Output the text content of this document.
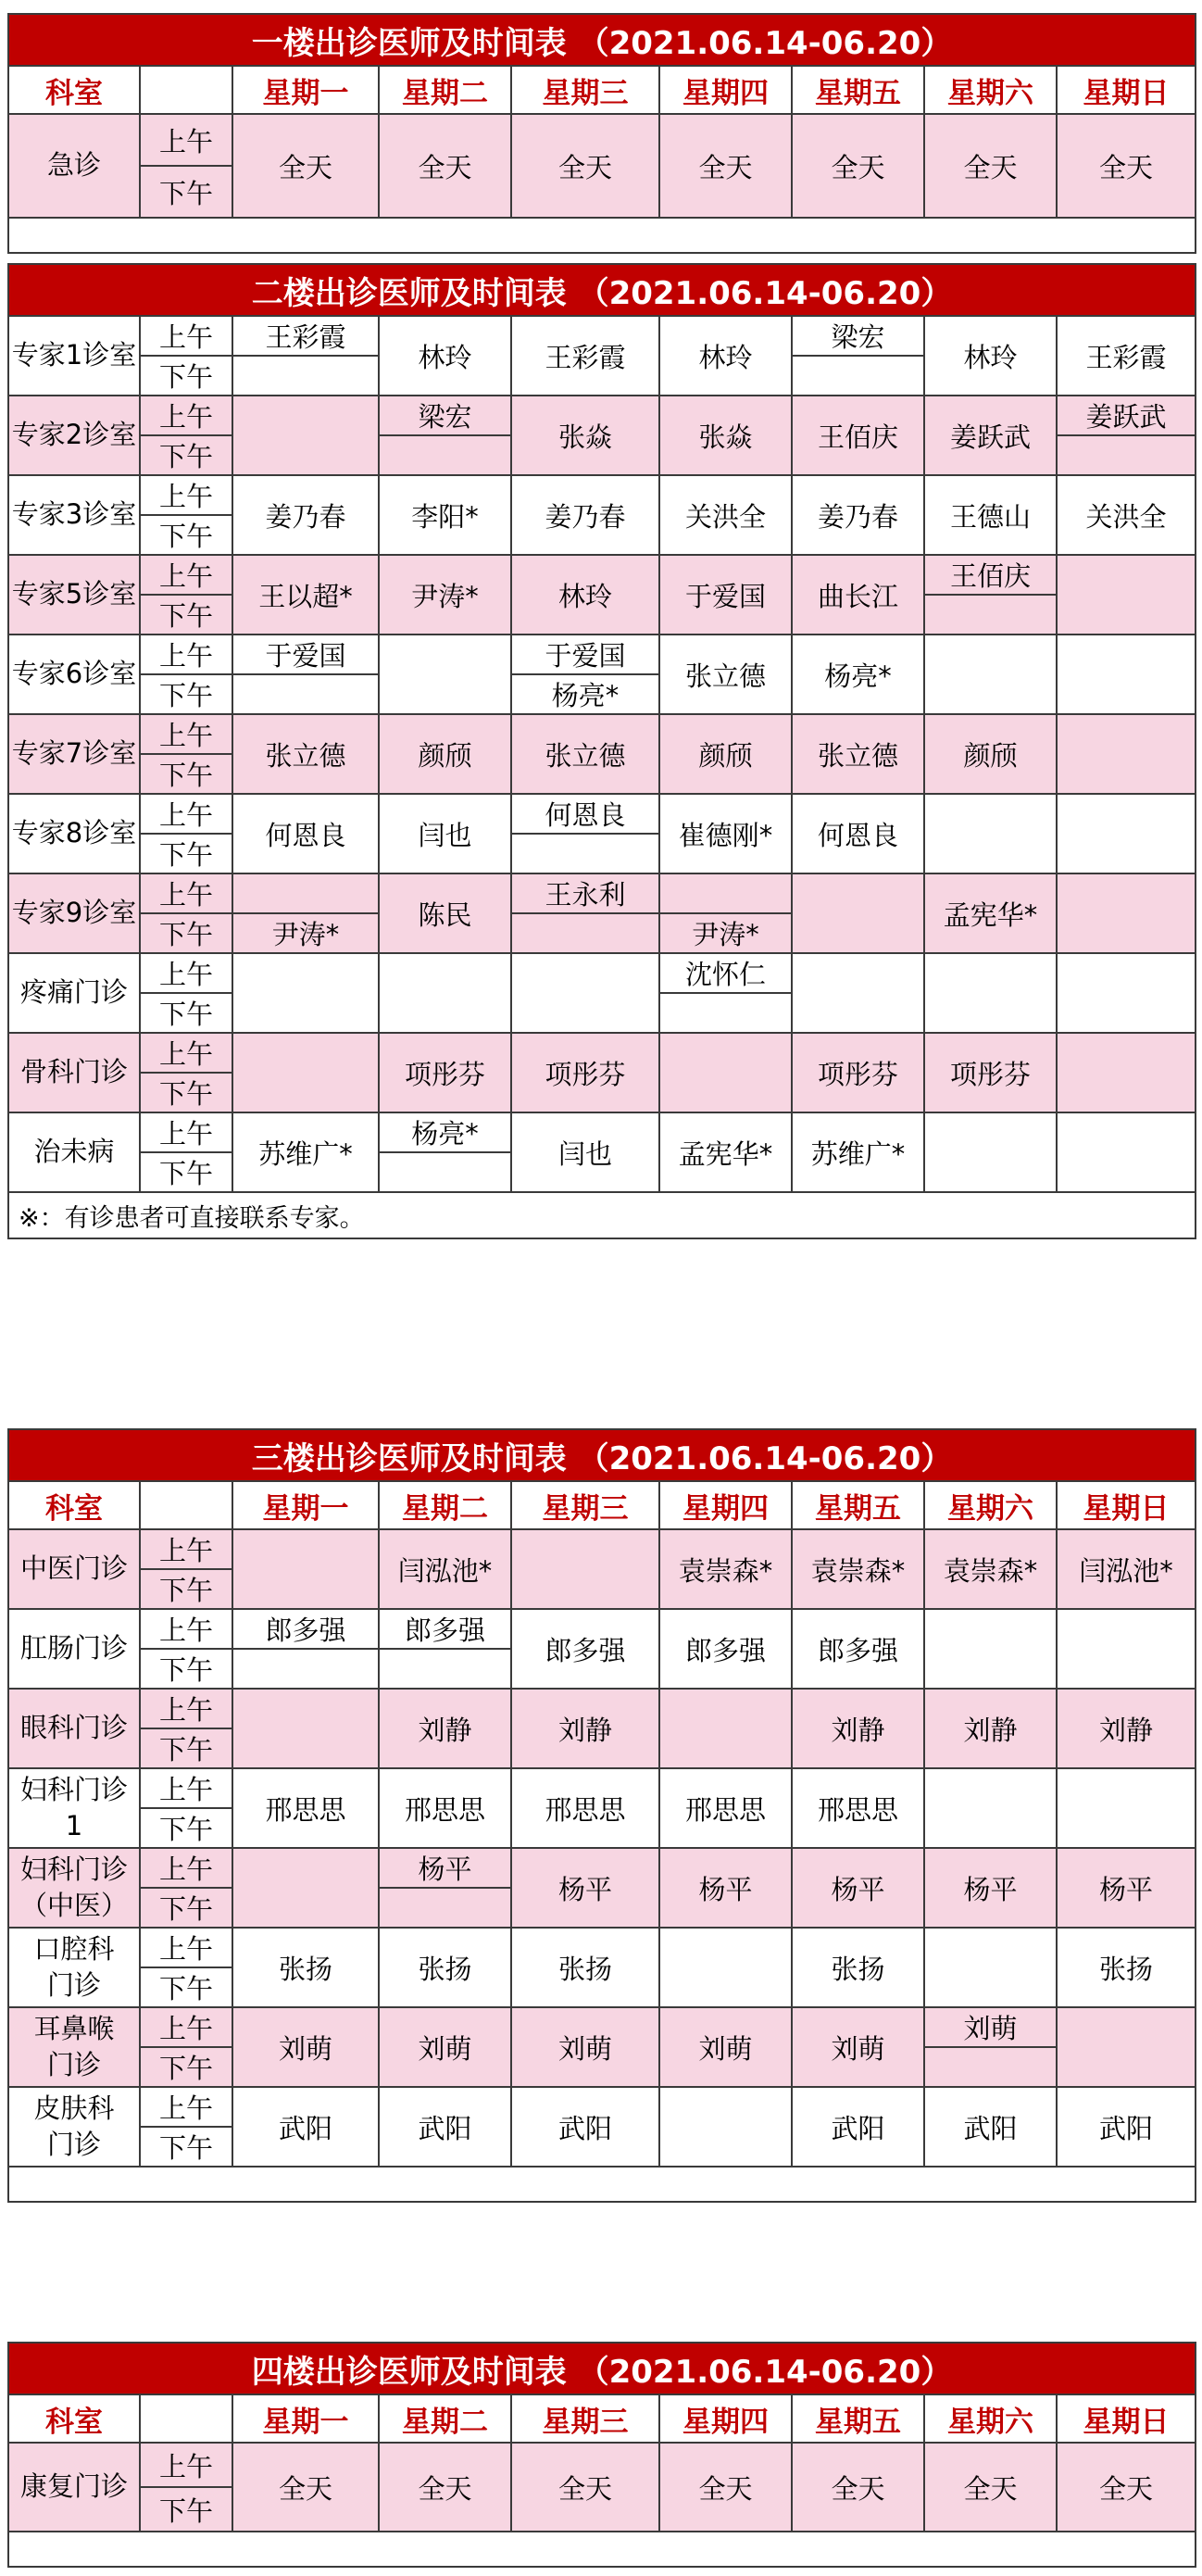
一楼出诊医师及时间表 （2021.06.14-06.20）								
科室		星期一	星期二	星期三	星期四	星期五	星期六	星期日
急诊	上午	全天	全天	全天	全天	全天	全天	全天
	下午							

二楼出诊医师及时间表 （2021.06.14-06.20）								
专家1诊室	上午	王彩霞	林玲	王彩霞	林玲	梁宏	林玲	王彩霞
	下午							
专家2诊室	上午		梁宏	张焱	张焱	王佰庆	姜跃武	姜跃武
	下午							
专家3诊室	上午	姜乃春	李阳*	姜乃春	关洪全	姜乃春	王德山	关洪全
	下午							
专家5诊室	上午	王以超*	尹涛*	林玲	于爱国	曲长江	王佰庆	
	下午							
专家6诊室	上午	于爱国		于爱国	张立德	杨亮*		
	下午			杨亮*				
专家7诊室	上午	张立德	颜颀	张立德	颜颀	张立德	颜颀	
	下午							
专家8诊室	上午	何恩良	闫也	何恩良	崔德刚*	何恩良		
	下午							
专家9诊室	上午		陈民	王永利			孟宪华*	
	下午	尹涛*			尹涛*			
疼痛门诊	上午				沈怀仁			
	下午							
骨科门诊	上午		项彤芬	项彤芬		项彤芬	项彤芬	
	下午							
治未病	上午	苏维广*	杨亮*	闫也	孟宪华*	苏维广*		
	下午							
※：有诊患者可直接联系专家。								
三楼出诊医师及时间表 （2021.06.14-06.20）								
科室		星期一	星期二	星期三	星期四	星期五	星期六	星期日
中医门诊	上午		闫泓池*		袁崇森*	袁崇森*	袁崇森*	闫泓池*
	下午							
肛肠门诊	上午	郎多强	郎多强	郎多强	郎多强	郎多强		
	下午							
眼科门诊	上午		刘静	刘静		刘静	刘静	刘静
	下午							
妇科门诊
1	上午	邢思思	邢思思	邢思思	邢思思	邢思思		
	下午							
妇科门诊
（中医）	上午		杨平	杨平	杨平	杨平	杨平	杨平
	下午							
口腔科
门诊	上午	张扬	张扬	张扬		张扬		张扬
	下午							
耳鼻喉
门诊	上午	刘萌	刘萌	刘萌	刘萌	刘萌	刘萌	
	下午							
皮肤科
门诊	上午	武阳	武阳	武阳		武阳	武阳	武阳
	下午							

四楼出诊医师及时间表 （2021.06.14-06.20）								
科室		星期一	星期二	星期三	星期四	星期五	星期六	星期日
康复门诊	上午	全天	全天	全天	全天	全天	全天	全天
	下午							
